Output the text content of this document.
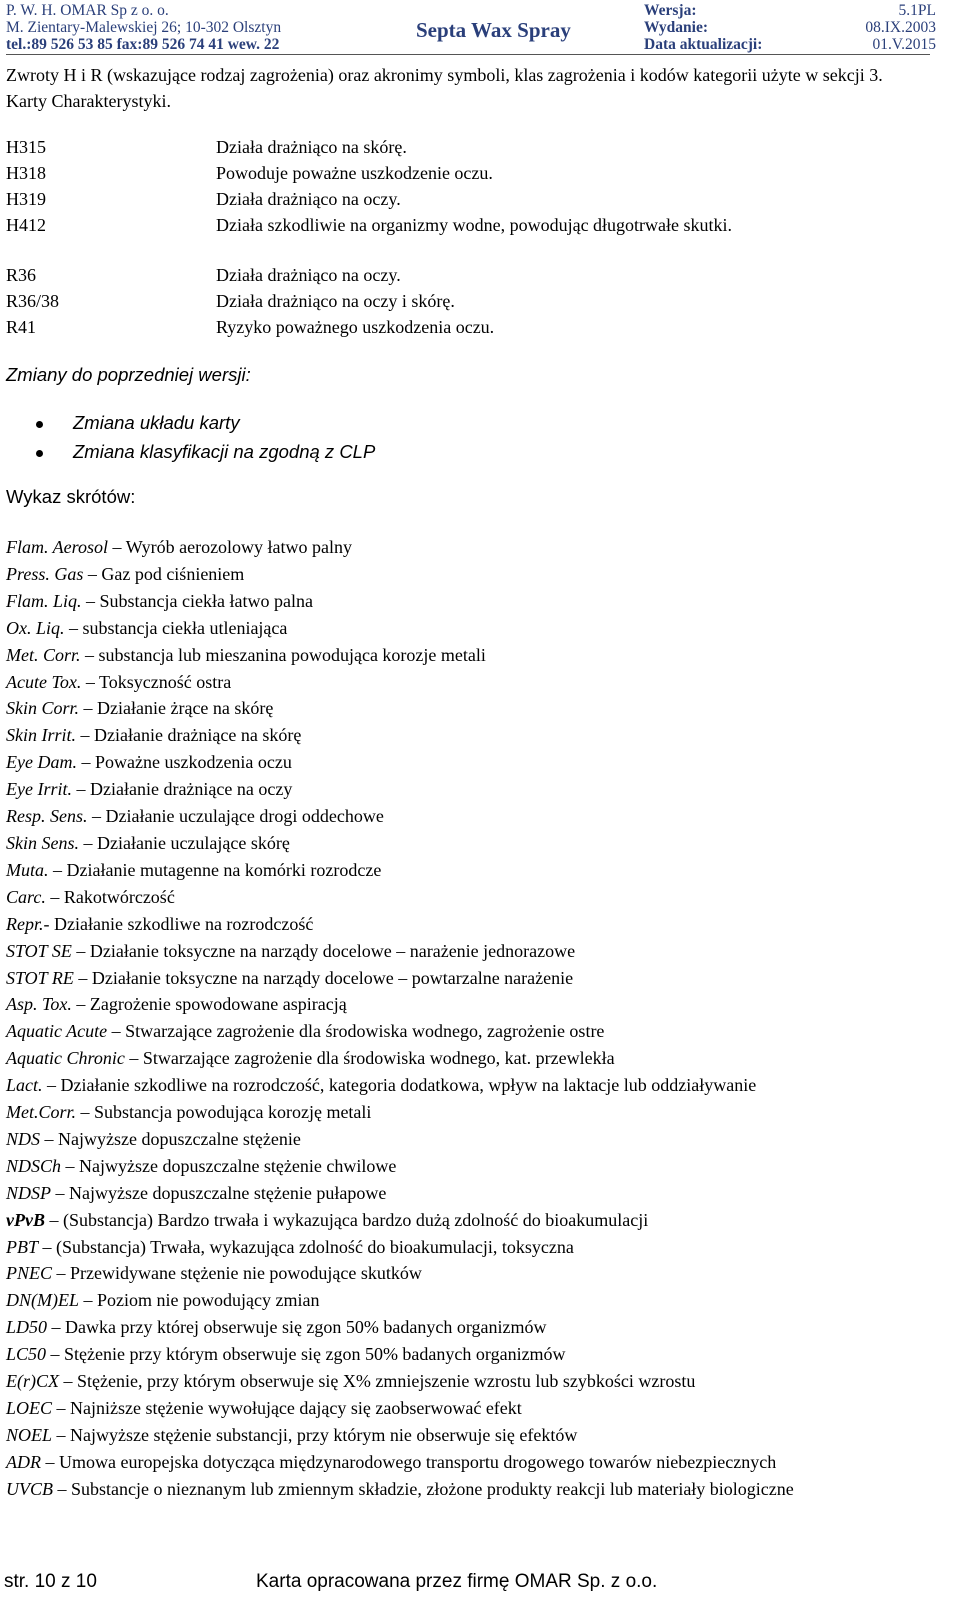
P. W. H. OMAR Sp z o. o.
M. Zientary-Malewskiej 26; 10-302 Olsztyn
tel.:89 526 53 85 fax:89 526 74 41 wew. 22
Septa Wax Spray
Wersja:	5.1PL
Wydanie:	08.IX.2003
Data aktualizacji:	01.V.2015
Zwroty H i R (wskazujące rodzaj zagrożenia) oraz akronimy symboli, klas zagrożenia i kodów kategorii użyte w sekcji 3. Karty Charakterystyki.
H315	Działa drażniąco na skórę.
H318	Powoduje poważne uszkodzenie oczu.
H319	Działa drażniąco na oczy.
H412	Działa szkodliwie na organizmy wodne, powodując długotrwałe skutki.
R36	Działa drażniąco na oczy.
R36/38	Działa drażniąco na oczy i skórę.
R41	Ryzyko poważnego uszkodzenia oczu.
Zmiany do poprzedniej wersji:
Zmiana układu karty
Zmiana klasyfikacji na zgodną z CLP
Wykaz skrótów:
Flam. Aerosol – Wyrób aerozolowy łatwo palny
Press. Gas – Gaz pod ciśnieniem
Flam. Liq. – Substancja ciekła łatwo palna
Ox. Liq. – substancja ciekła utleniająca
Met. Corr. – substancja lub mieszanina powodująca korozje metali
Acute Tox. – Toksyczność ostra
Skin Corr. – Działanie żrące na skórę
Skin Irrit. – Działanie drażniące na skórę
Eye Dam. – Poważne uszkodzenia oczu
Eye Irrit. – Działanie drażniące na oczy
Resp. Sens. – Działanie uczulające drogi oddechowe
Skin Sens. – Działanie uczulające skórę
Muta. – Działanie mutagenne na komórki rozrodcze
Carc. – Rakotwórczość
Repr.- Działanie szkodliwe na rozrodczość
STOT SE – Działanie toksyczne na narządy docelowe – narażenie jednorazowe
STOT RE – Działanie toksyczne na narządy docelowe – powtarzalne narażenie
Asp. Tox. – Zagrożenie spowodowane aspiracją
Aquatic Acute – Stwarzające zagrożenie dla środowiska wodnego, zagrożenie ostre
Aquatic Chronic – Stwarzające zagrożenie dla środowiska wodnego, kat. przewlekła
Lact. – Działanie szkodliwe na rozrodczość, kategoria dodatkowa, wpływ na laktacje lub oddziaływanie
Met.Corr. – Substancja powodująca korozję metali
NDS – Najwyższe dopuszczalne stężenie
NDSCh – Najwyższe dopuszczalne stężenie chwilowe
NDSP – Najwyższe dopuszczalne stężenie pułapowe
vPvB – (Substancja) Bardzo trwała i wykazująca bardzo dużą zdolność do bioakumulacji
PBT – (Substancja) Trwała, wykazująca zdolność do bioakumulacji, toksyczna
PNEC – Przewidywane stężenie nie powodujące skutków
DN(M)EL – Poziom nie powodujący zmian
LD50 – Dawka przy której obserwuje się zgon 50% badanych organizmów
LC50 – Stężenie przy którym obserwuje się zgon 50% badanych organizmów
E(r)CX – Stężenie, przy którym obserwuje się X% zmniejszenie wzrostu lub szybkości wzrostu
LOEC – Najniższe stężenie wywołujące dający się zaobserwować efekt
NOEL – Najwyższe stężenie substancji, przy którym nie obserwuje się efektów
ADR – Umowa europejska dotycząca międzynarodowego transportu drogowego towarów niebezpiecznych
UVCB – Substancje o nieznanym lub zmiennym składzie, złożone produkty reakcji lub materiały biologiczne
str. 10 z 10	Karta opracowana przez firmę OMAR Sp. z o.o.
